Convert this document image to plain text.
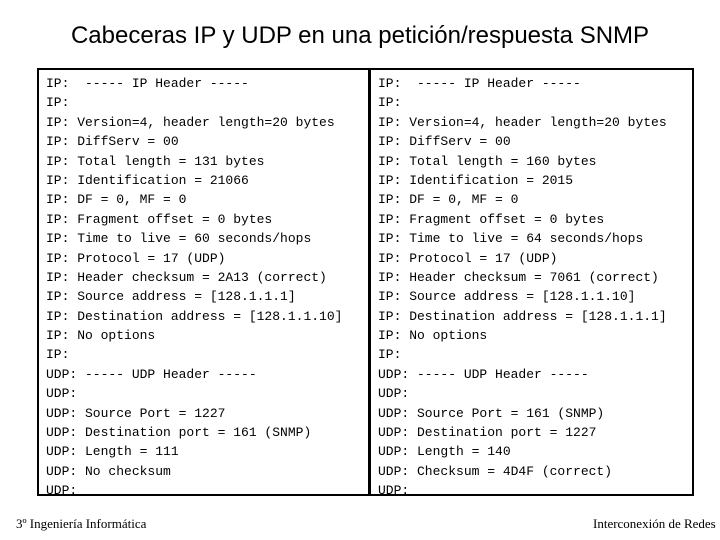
Cabeceras IP y UDP en una petición/respuesta SNMP
IP:  ----- IP Header -----
IP:
IP: Version=4, header length=20 bytes
IP: DiffServ = 00
IP: Total length = 131 bytes
IP: Identification = 21066
IP: DF = 0, MF = 0
IP: Fragment offset = 0 bytes
IP: Time to live = 60 seconds/hops
IP: Protocol = 17 (UDP)
IP: Header checksum = 2A13 (correct)
IP: Source address = [128.1.1.1]
IP: Destination address = [128.1.1.10]
IP: No options
IP:
UDP: ----- UDP Header -----
UDP:
UDP: Source Port = 1227
UDP: Destination port = 161 (SNMP)
UDP: Length = 111
UDP: No checksum
UDP:
IP:  ----- IP Header -----
IP:
IP: Version=4, header length=20 bytes
IP: DiffServ = 00
IP: Total length = 160 bytes
IP: Identification = 2015
IP: DF = 0, MF = 0
IP: Fragment offset = 0 bytes
IP: Time to live = 64 seconds/hops
IP: Protocol = 17 (UDP)
IP: Header checksum = 7061 (correct)
IP: Source address = [128.1.1.10]
IP: Destination address = [128.1.1.1]
IP: No options
IP:
UDP: ----- UDP Header -----
UDP:
UDP: Source Port = 161 (SNMP)
UDP: Destination port = 1227
UDP: Length = 140
UDP: Checksum = 4D4F (correct)
UDP:
3º Ingeniería Informática	Interconexión de Redes
